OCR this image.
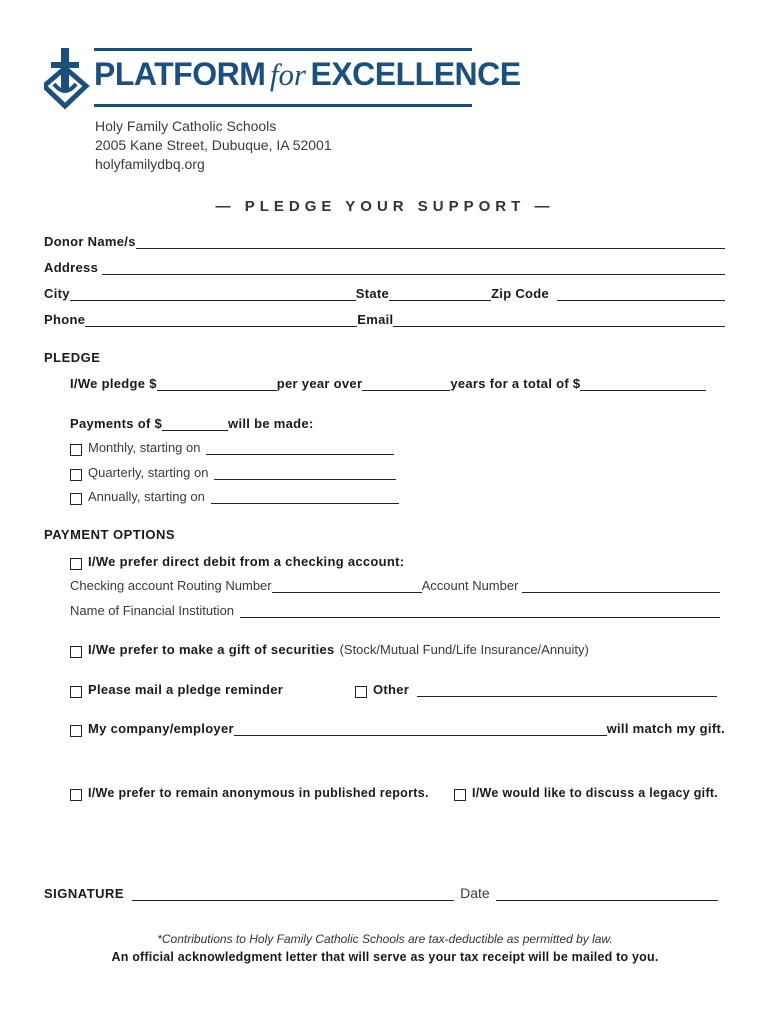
PLATFORM for EXCELLENCE
Holy Family Catholic Schools
2005 Kane Street, Dubuque, IA 52001
holyfamilydbq.org
— PLEDGE YOUR SUPPORT —
Donor Name/s
Address
City	State	Zip Code
Phone	Email
PLEDGE
I/We pledge $	per year over	years for a total of $
Payments of $	will be made:
Monthly, starting on
Quarterly, starting on
Annually, starting on
PAYMENT OPTIONS
I/We prefer direct debit from a checking account:
Checking account Routing Number	Account Number
Name of Financial Institution
I/We prefer to make a gift of securities (Stock/Mutual Fund/Life Insurance/Annuity)
Please mail a pledge reminder	Other
My company/employer	will match my gift.
I/We prefer to remain anonymous in published reports.	I/We would like to discuss a legacy gift.
SIGNATURE	Date
*Contributions to Holy Family Catholic Schools are tax-deductible as permitted by law.
An official acknowledgment letter that will serve as your tax receipt will be mailed to you.
